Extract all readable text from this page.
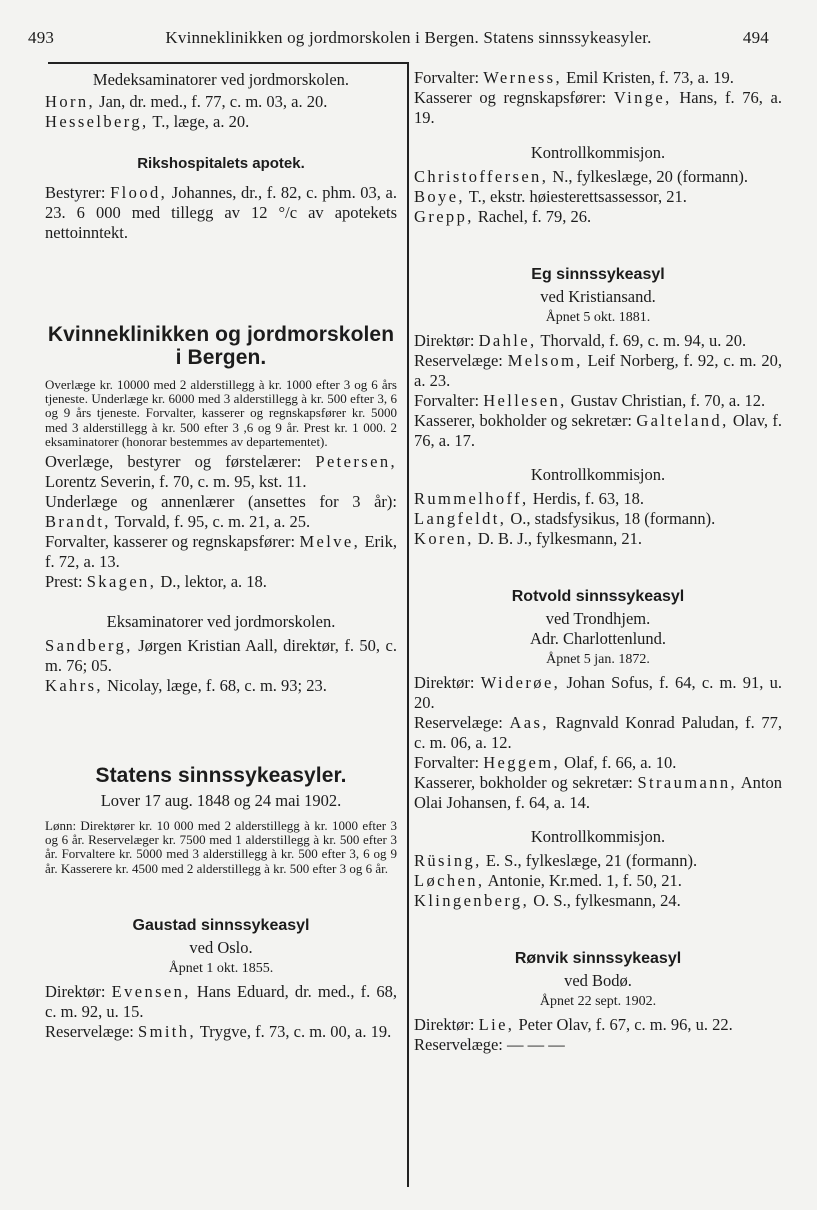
493	Kvinneklinikken og jordmorskolen i Bergen. Statens sinnssykeasyler.	494

Medeksaminatorer ved jordmorskolen.

Horn, Jan, dr. med., f. 77, c. m. 03, a. 20.

Hesselberg, T., læge, a. 20.

Rikshospitalets apotek.

Bestyrer: Flood, Johannes, dr., f. 82, c. phm. 03, a. 23. 6 000 med tillegg av 12 °/c av apotekets nettoinntekt.

Kvinneklinikken og jordmorskolen i Bergen.

Overlæge kr. 10000 med 2 alderstillegg à kr. 1000 efter 3 og 6 års tjeneste. Underlæge kr. 6000 med 3 alderstillegg à kr. 500 efter 3, 6 og 9 års tjeneste. Forvalter, kasserer og regnskapsfører kr. 5000 med 3 alderstillegg à kr. 500 efter 3 ,6 og 9 år. Prest kr. 1 000. 2 eksaminatorer (honorar bestemmes av departementet).

Overlæge, bestyrer og førstelærer: Petersen, Lorentz Severin, f. 70, c. m. 95, kst. 11.

Underlæge og annenlærer (ansettes for 3 år): Brandt, Torvald, f. 95, c. m. 21, a. 25.

Forvalter, kasserer og regnskapsfører: Melve, Erik, f. 72, a. 13.

Prest: Skagen, D., lektor, a. 18.

Eksaminatorer ved jordmorskolen.

Sandberg, Jørgen Kristian Aall, direktør, f. 50, c. m. 76; 05.

Kahrs, Nicolay, læge, f. 68, c. m. 93; 23.

Statens sinnssykeasyler.

Lover 17 aug. 1848 og 24 mai 1902.

Lønn: Direktører kr. 10 000 med 2 alderstillegg à kr. 1000 efter 3 og 6 år. Reservelæger kr. 7500 med 1 alderstillegg à kr. 500 efter 3 år. Forvaltere kr. 5000 med 3 alderstillegg à kr. 500 efter 3, 6 og 9 år. Kasserere kr. 4500 med 2 alderstillegg à kr. 500 efter 3 og 6 år.

Gaustad sinnssykeasyl

ved Oslo.

Åpnet 1 okt. 1855.

Direktør: Evensen, Hans Eduard, dr. med., f. 68, c. m. 92, u. 15.

Reservelæge: Smith, Trygve, f. 73, c. m. 00, a. 19.

Forvalter: Werness, Emil Kristen, f. 73, a. 19.

Kasserer og regnskapsfører: Vinge, Hans, f. 76, a. 19.

Kontrollkommisjon.

Christoffersen, N., fylkeslæge, 20 (formann).

Boye, T., ekstr. høiesterettsassessor, 21.

Grepp, Rachel, f. 79, 26.

Eg sinnssykeasyl

ved Kristiansand.

Åpnet 5 okt. 1881.

Direktør: Dahle, Thorvald, f. 69, c. m. 94, u. 20.

Reservelæge: Melsom, Leif Norberg, f. 92, c. m. 20, a. 23.

Forvalter: Hellesen, Gustav Christian, f. 70, a. 12.

Kasserer, bokholder og sekretær: Galteland, Olav, f. 76, a. 17.

Kontrollkommisjon.

Rummelhoff, Herdis, f. 63, 18.

Langfeldt, O., stadsfysikus, 18 (formann).

Koren, D. B. J., fylkesmann, 21.

Rotvold sinnssykeasyl

ved Trondhjem.

Adr. Charlottenlund.

Åpnet 5 jan. 1872.

Direktør: Widerøe, Johan Sofus, f. 64, c. m. 91, u. 20.

Reservelæge: Aas, Ragnvald Konrad Paludan, f. 77, c. m. 06, a. 12.

Forvalter: Heggem, Olaf, f. 66, a. 10.

Kasserer, bokholder og sekretær: Straumann, Anton Olai Johansen, f. 64, a. 14.

Kontrollkommisjon.

Rüsing, E. S., fylkeslæge, 21 (formann).

Løchen, Antonie, Kr.med. 1, f. 50, 21.

Klingenberg, O. S., fylkesmann, 24.

Rønvik sinnssykeasyl

ved Bodø.

Åpnet 22 sept. 1902.

Direktør: Lie, Peter Olav, f. 67, c. m. 96, u. 22.

Reservelæge: — — —
